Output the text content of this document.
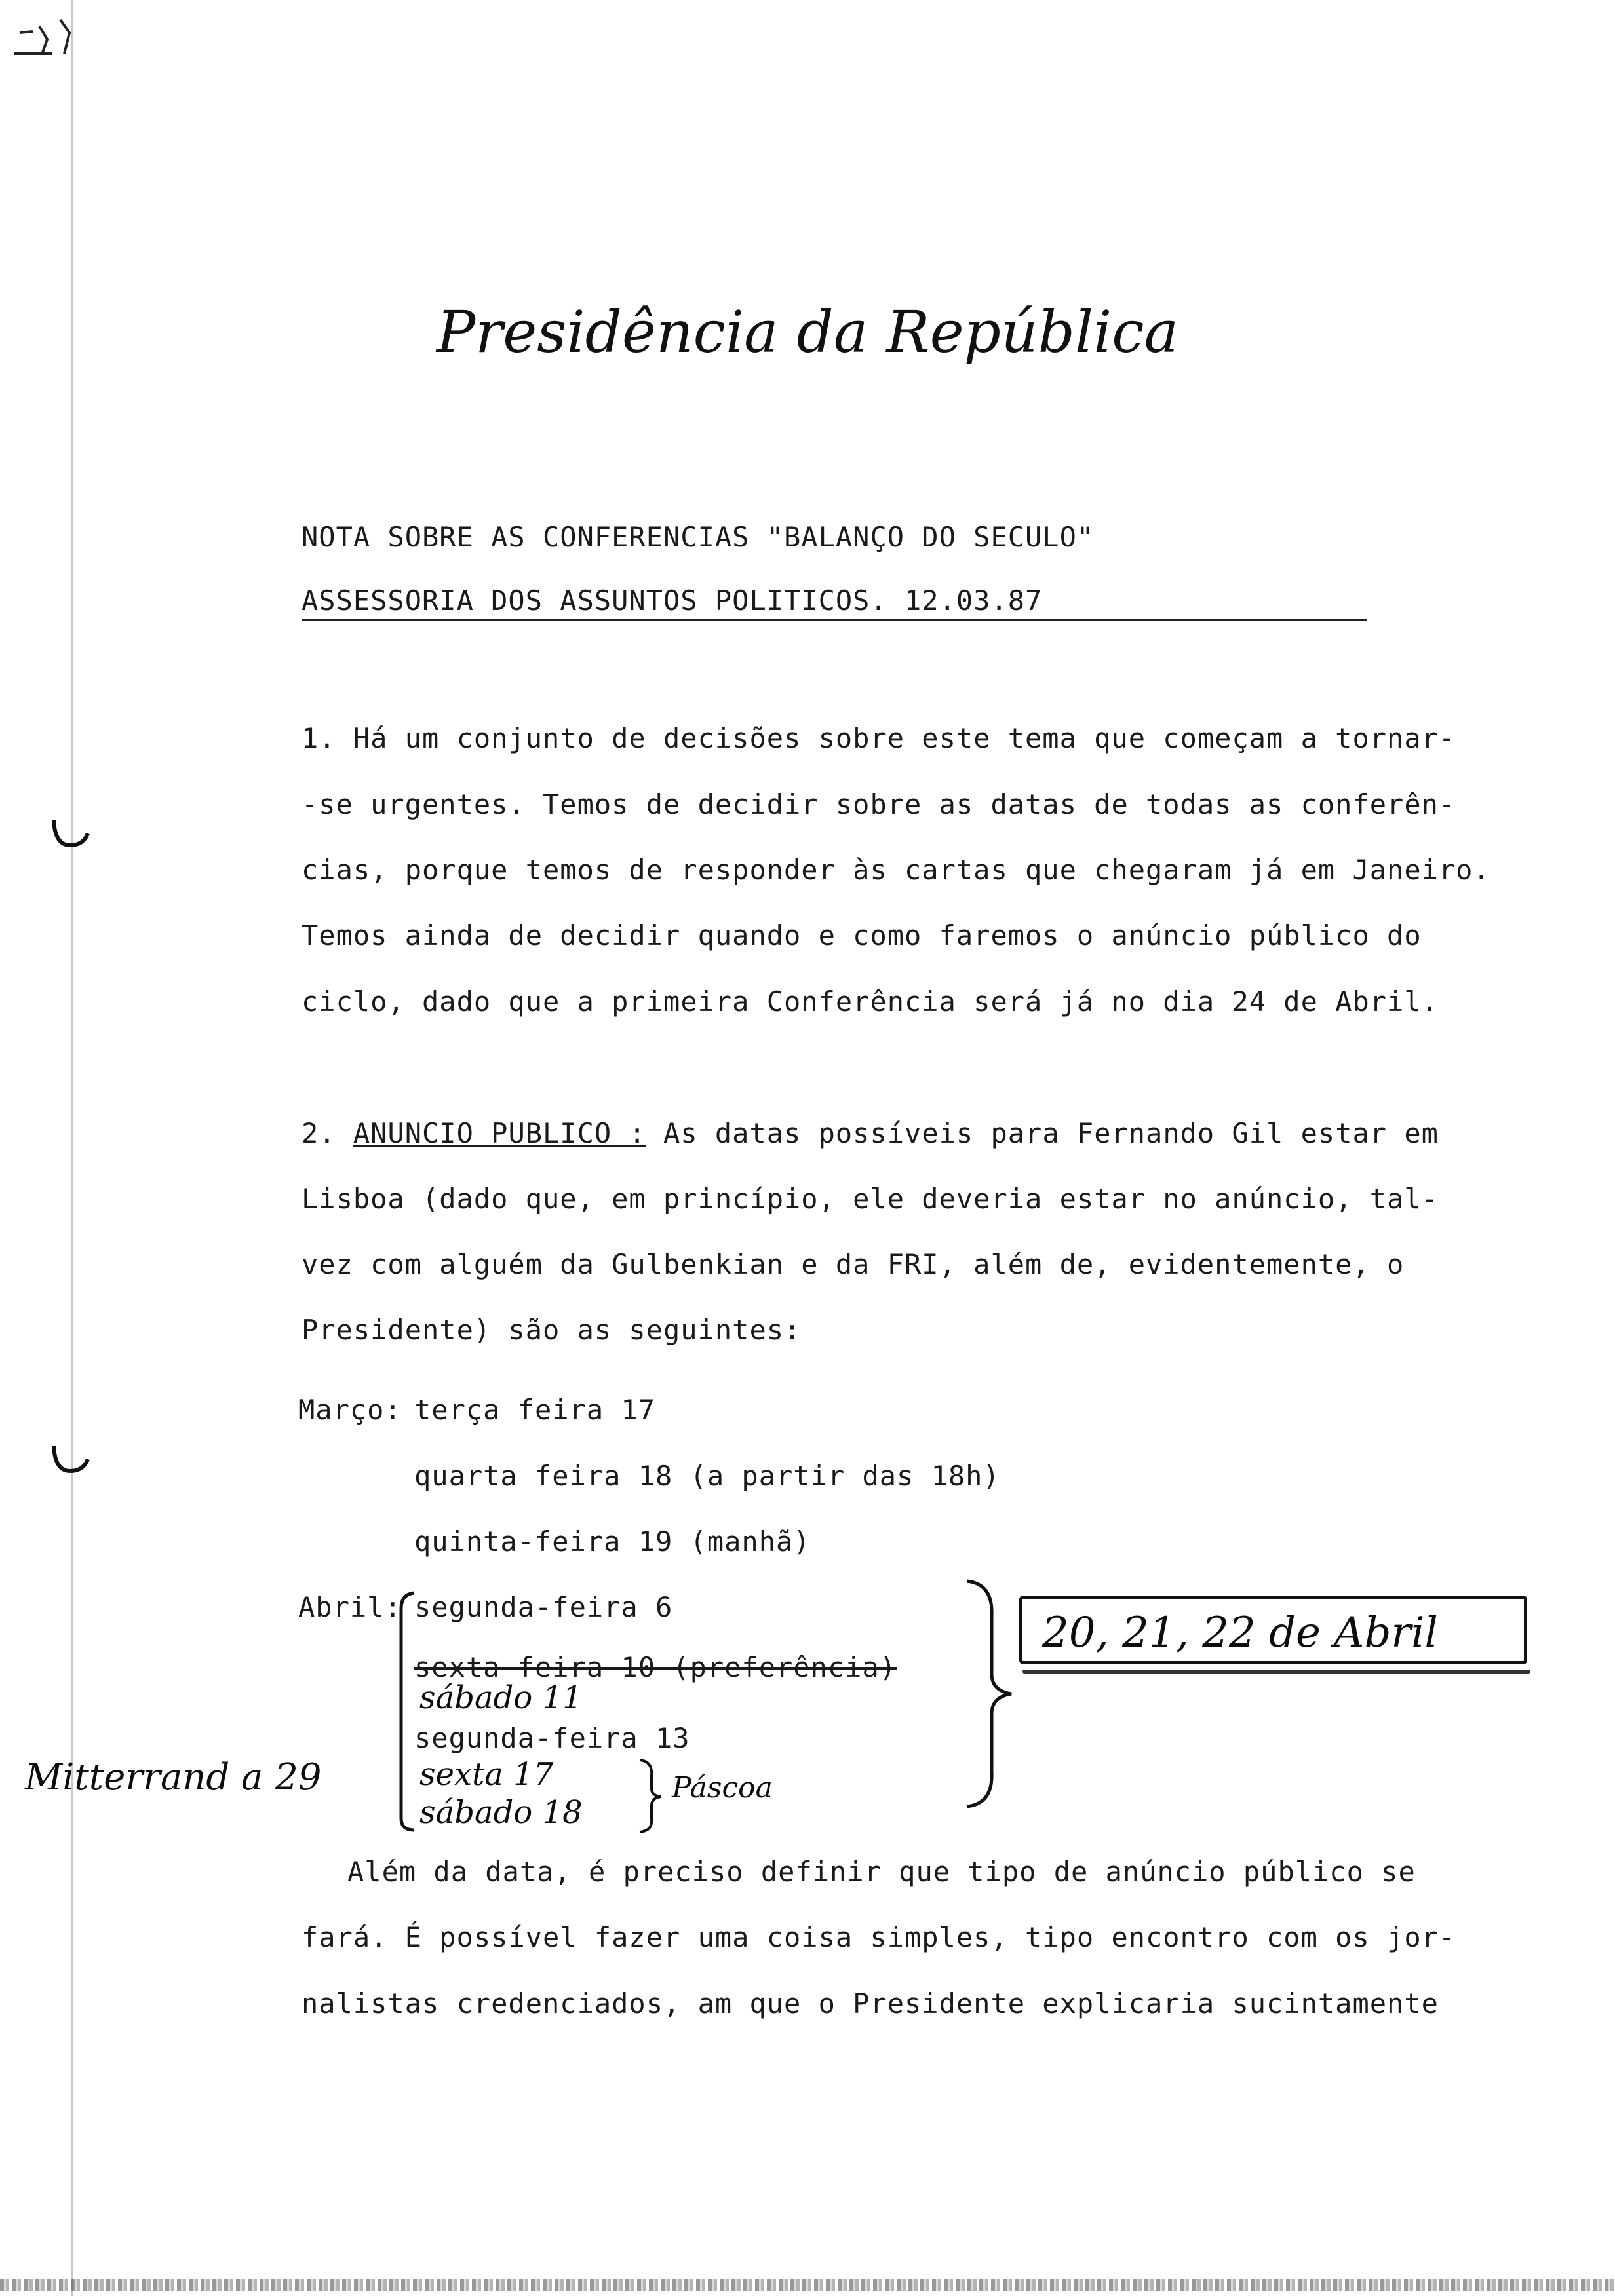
Presidência da República
NOTA SOBRE AS CONFERENCIAS "BALANÇO DO SECULO"
ASSESSORIA DOS ASSUNTOS POLITICOS. 12.03.87
1. Há um conjunto de decisões sobre este tema que começam a tornar-
-se urgentes. Temos de decidir sobre as datas de todas as conferên-
cias, porque temos de responder às cartas que chegaram já em Janeiro.
Temos ainda de decidir quando e como faremos o anúncio público do
ciclo, dado que a primeira Conferência será já no dia 24 de Abril.
2. ANUNCIO PUBLICO : As datas possíveis para Fernando Gil estar em
Lisboa (dado que, em princípio, ele deveria estar no anúncio, tal-
vez com alguém da Gulbenkian e da FRI, além de, evidentemente, o
Presidente) são as seguintes:
Março: terça feira 17
quarta feira 18 (a partir das 18h)
quinta-feira 19 (manhã)
Abril: segunda-feira 6
sexta feira 10 (preferência)
sábado 11
segunda-feira 13
sexta 17
sábado 18
Páscoa
20, 21, 22 de Abril
Mitterrand a 29
Além da data, é preciso definir que tipo de anúncio público se
fará. É possível fazer uma coisa simples, tipo encontro com os jor-
nalistas credenciados, am que o Presidente explicaria sucintamente
